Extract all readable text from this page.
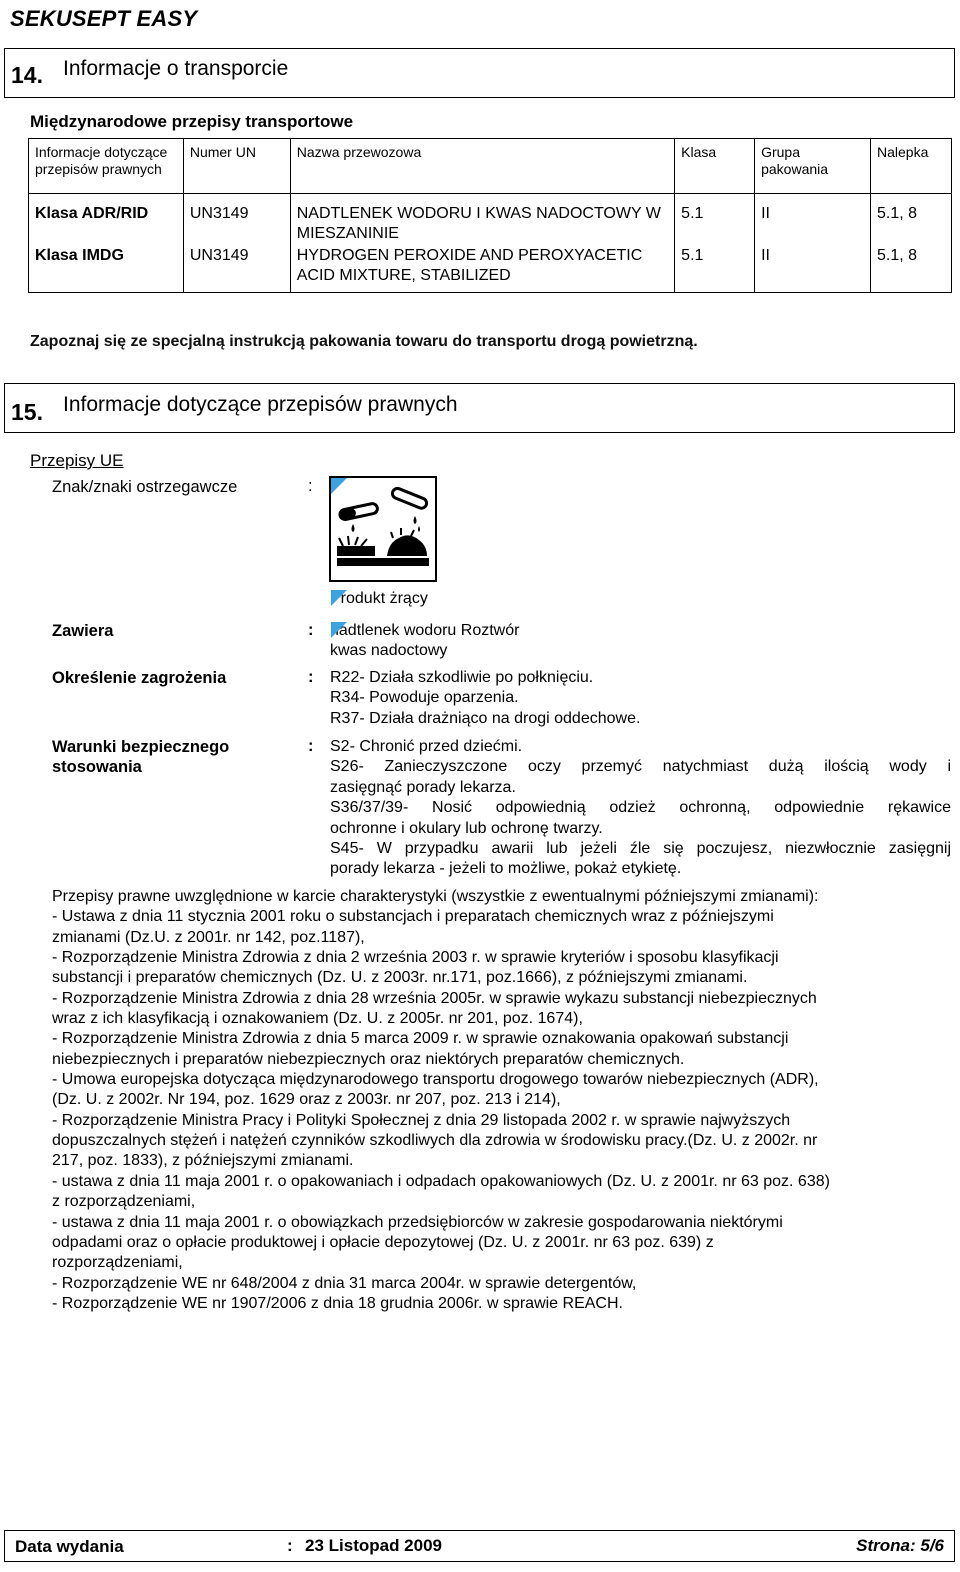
SEKUSEPT EASY
14. Informacje o transporcie
Międzynarodowe przepisy transportowe
Informacje dotyczące przepisów prawnych	Numer UN	Nazwa przewozowa	Klasa	Grupa pakowania	Nalepka
Klasa ADR/RID	UN3149	NADTLENEK WODORU I KWAS NADOCTOWY W MIESZANINIE	5.1	II	5.1, 8
Klasa IMDG	UN3149	HYDROGEN PEROXIDE AND PEROXYACETIC ACID MIXTURE, STABILIZED	5.1	II	5.1, 8
Zapoznaj się ze specjalną instrukcją pakowania towaru do transportu drogą powietrzną.
15. Informacje dotyczące przepisów prawnych
Przepisy UE
Znak/znaki ostrzegawcze	:
Produkt żrący
Zawiera	: nadtlenek wodoru Roztwór
kwas nadoctowy
Określenie zagrożenia	: R22- Działa szkodliwie po połknięciu.
R34- Powoduje oparzenia.
R37- Działa drażniąco na drogi oddechowe.
Warunki bezpiecznego
stosowania
: S2- Chronić przed dziećmi.
S26- Zanieczyszczone oczy przemyć natychmiast dużą ilością wody i
zasięgnąć porady lekarza.
S36/37/39- Nosić odpowiednią odzież ochronną, odpowiednie rękawice
ochronne i okulary lub ochronę twarzy.
S45- W przypadku awarii lub jeżeli źle się poczujesz, niezwłocznie zasięgnij
porady lekarza - jeżeli to możliwe, pokaż etykietę.
Przepisy prawne uwzględnione w karcie charakterystyki (wszystkie z ewentualnymi późniejszymi zmianami):
- Ustawa z dnia 11 stycznia 2001 roku o substancjach i preparatach chemicznych wraz z późniejszymi
zmianami (Dz.U. z 2001r. nr 142, poz.1187),
- Rozporządzenie Ministra Zdrowia z dnia 2 września 2003 r. w sprawie kryteriów i sposobu klasyfikacji
substancji i preparatów chemicznych (Dz. U. z 2003r. nr.171, poz.1666), z późniejszymi zmianami.
- Rozporządzenie Ministra Zdrowia z dnia 28 września 2005r. w sprawie wykazu substancji niebezpiecznych
wraz z ich klasyfikacją i oznakowaniem (Dz. U. z 2005r. nr 201, poz. 1674),
- Rozporządzenie Ministra Zdrowia z dnia 5 marca 2009 r. w sprawie oznakowania opakowań substancji
niebezpiecznych i preparatów niebezpiecznych oraz niektórych preparatów chemicznych.
- Umowa europejska dotycząca międzynarodowego transportu drogowego towarów niebezpiecznych (ADR),
(Dz. U. z 2002r. Nr 194, poz. 1629 oraz z 2003r. nr 207, poz. 213 i 214),
- Rozporządzenie Ministra Pracy i Polityki Społecznej z dnia 29 listopada 2002 r. w sprawie najwyższych
dopuszczalnych stężeń i natężeń czynników szkodliwych dla zdrowia w środowisku pracy.(Dz. U. z 2002r. nr
217, poz. 1833), z późniejszymi zmianami.
- ustawa z dnia 11 maja 2001 r. o opakowaniach i odpadach opakowaniowych (Dz. U. z 2001r. nr 63 poz. 638)
z rozporządzeniami,
- ustawa z dnia 11 maja 2001 r. o obowiązkach przedsiębiorców w zakresie gospodarowania niektórymi
odpadami oraz o opłacie produktowej i opłacie depozytowej (Dz. U. z 2001r. nr 63 poz. 639) z
rozporządzeniami,
- Rozporządzenie WE nr 648/2004 z dnia 31 marca 2004r. w sprawie detergentów,
- Rozporządzenie WE nr 1907/2006 z dnia 18 grudnia 2006r. w sprawie REACH.
Data wydania	: 23 Listopad 2009	Strona: 5/6
